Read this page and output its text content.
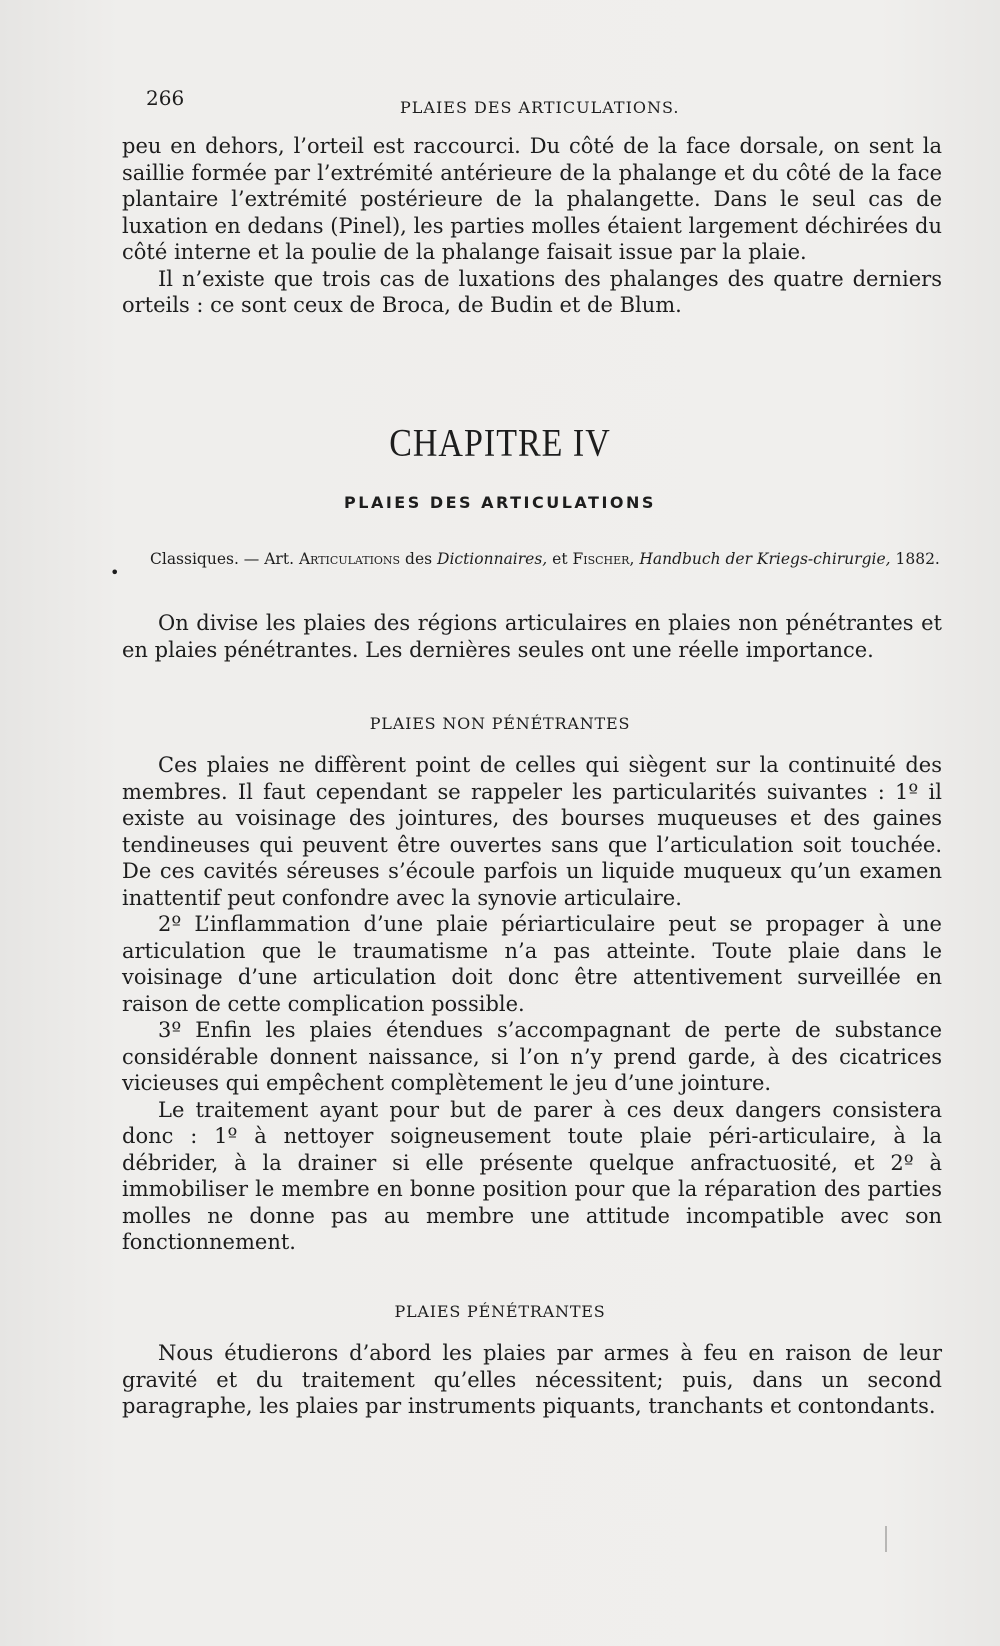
266	PLAIES DES ARTICULATIONS.

peu en dehors, l’orteil est raccourci. Du côté de la face dorsale, on sent la saillie formée par l’extrémité antérieure de la phalange et du côté de la face plantaire l’extrémité postérieure de la phalangette. Dans le seul cas de luxation en dedans (Pinel), les parties molles étaient largement déchirées du côté interne et la poulie de la phalange faisait issue par la plaie.

Il n’existe que trois cas de luxations des phalanges des quatre derniers orteils : ce sont ceux de Broca, de Budin et de Blum.

CHAPITRE IV
PLAIES DES ARTICULATIONS
•
Classiques. — Art. Articulations des Dictionnaires, et Fischer, Handbuch der Kriegs-chirurgie, 1882.

On divise les plaies des régions articulaires en plaies non pénétrantes et en plaies pénétrantes. Les dernières seules ont une réelle importance.

PLAIES NON PÉNÉTRANTES

Ces plaies ne diffèrent point de celles qui siègent sur la continuité des membres. Il faut cependant se rappeler les particularités suivantes : 1º il existe au voisinage des jointures, des bourses muqueuses et des gaines tendineuses qui peuvent être ouvertes sans que l’articulation soit touchée. De ces cavités séreuses s’écoule parfois un liquide muqueux qu’un examen inattentif peut confondre avec la synovie articulaire.

2º L’inflammation d’une plaie périarticulaire peut se propager à une articulation que le traumatisme n’a pas atteinte. Toute plaie dans le voisinage d’une articulation doit donc être attentivement surveillée en raison de cette complication possible.

3º Enfin les plaies étendues s’accompagnant de perte de substance considérable donnent naissance, si l’on n’y prend garde, à des cicatrices vicieuses qui empêchent complètement le jeu d’une jointure.

Le traitement ayant pour but de parer à ces deux dangers consistera donc : 1º à nettoyer soigneusement toute plaie péri-articulaire, à la débrider, à la drainer si elle présente quelque anfractuosité, et 2º à immobiliser le membre en bonne position pour que la réparation des parties molles ne donne pas au membre une attitude incompatible avec son fonctionnement.

PLAIES PÉNÉTRANTES

Nous étudierons d’abord les plaies par armes à feu en raison de leur gravité et du traitement qu’elles nécessitent; puis, dans un second paragraphe, les plaies par instruments piquants, tranchants et contondants.
